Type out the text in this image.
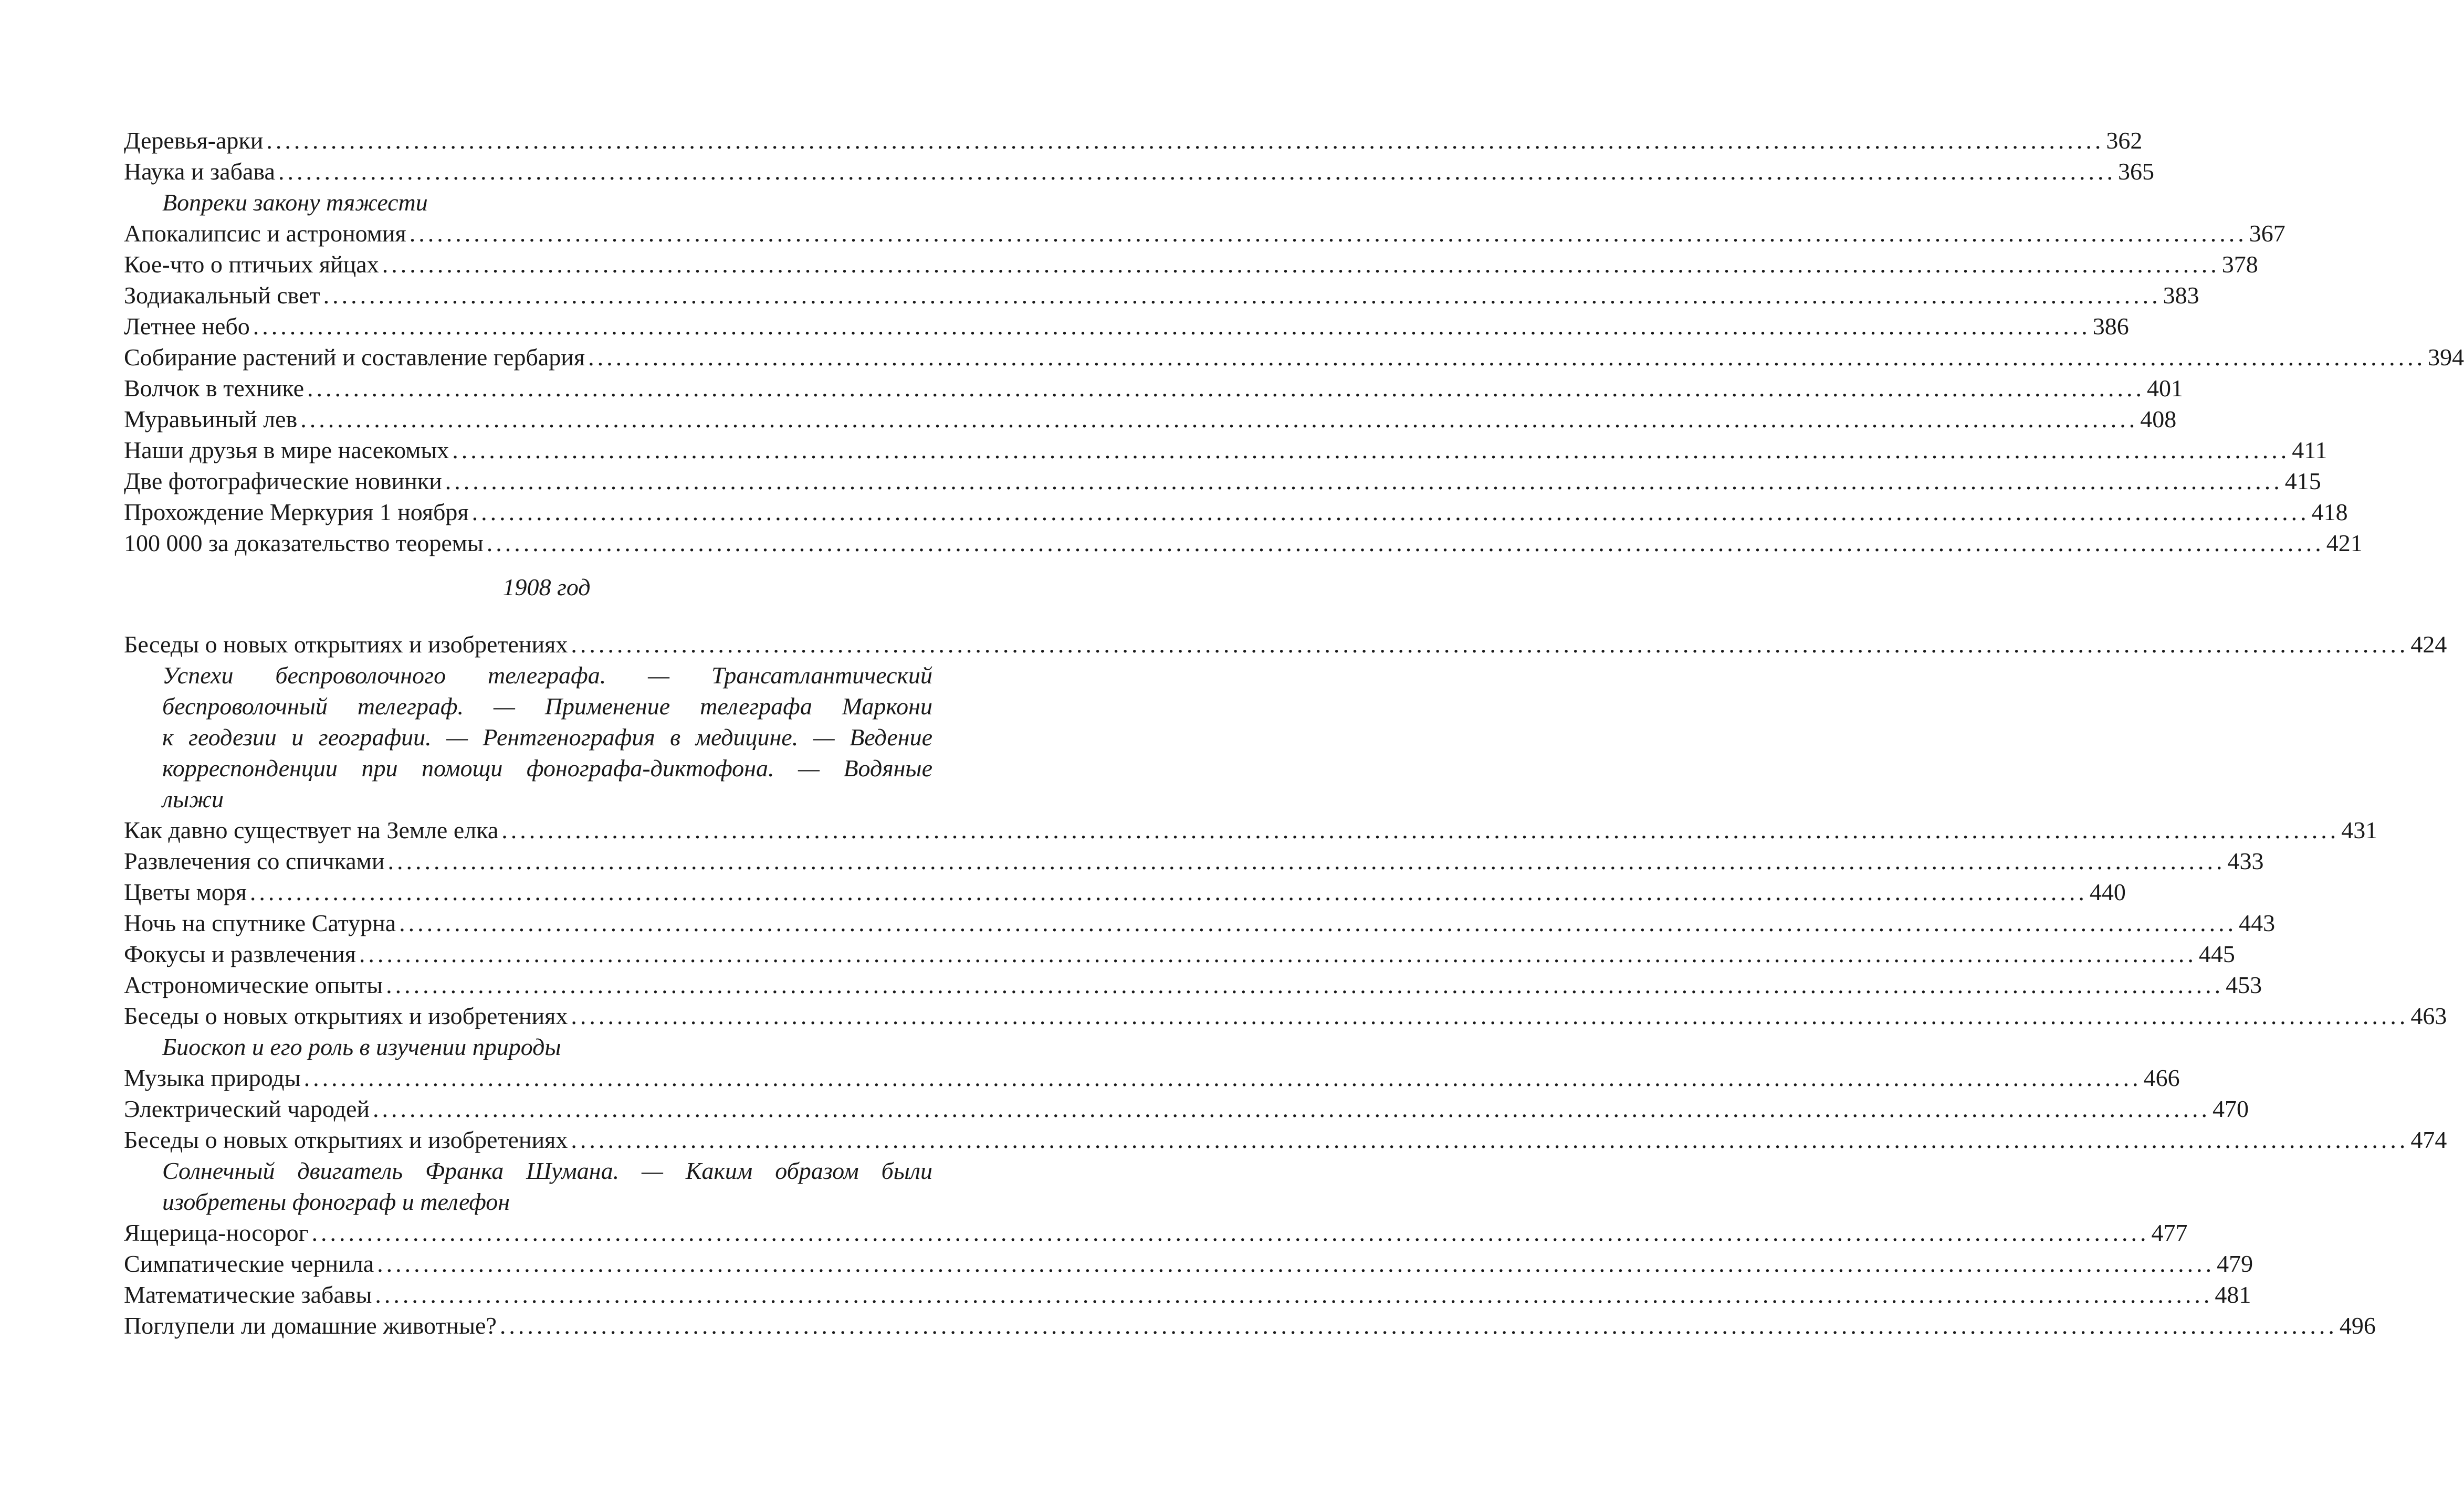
Деревья-арки ........................................................................................................................................................................................................ 362
Наука и забава ........................................................................................................................................................................................................ 365
Вопреки закону тяжести
Апокалипсис и астрономия ........................................................................................................................................................................................................ 367
Кое-что о птичьих яйцах ........................................................................................................................................................................................................ 378
Зодиакальный свет ........................................................................................................................................................................................................ 383
Летнее небо ........................................................................................................................................................................................................ 386
Собирание растений и составление гербария ........................................................................................................................................................................................................ 394
Волчок в технике ........................................................................................................................................................................................................ 401
Муравьиный лев ........................................................................................................................................................................................................ 408
Наши друзья в мире насекомых ........................................................................................................................................................................................................ 411
Две фотографические новинки ........................................................................................................................................................................................................ 415
Прохождение Меркурия 1 ноября ........................................................................................................................................................................................................ 418
100 000 за доказательство теоремы ........................................................................................................................................................................................................ 421
1908 год
Беседы о новых открытиях и изобретениях ........................................................................................................................................................................................................ 424
Успехи беспроволочного телеграфа. — Трансатлантический
беспроволочный телеграф. — Применение телеграфа Маркони
к геодезии и географии. — Рентгенография в медицине. — Ведение
корреспонденции при помощи фонографа-диктофона. — Водяные
лыжи
Как давно существует на Земле елка ........................................................................................................................................................................................................ 431
Развлечения со спичками ........................................................................................................................................................................................................ 433
Цветы моря ........................................................................................................................................................................................................ 440
Ночь на спутнике Сатурна ........................................................................................................................................................................................................ 443
Фокусы и развлечения ........................................................................................................................................................................................................ 445
Астрономические опыты ........................................................................................................................................................................................................ 453
Беседы о новых открытиях и изобретениях ........................................................................................................................................................................................................ 463
Биоскоп и его роль в изучении природы
Музыка природы ........................................................................................................................................................................................................ 466
Электрический чародей ........................................................................................................................................................................................................ 470
Беседы о новых открытиях и изобретениях ........................................................................................................................................................................................................ 474
Солнечный двигатель Франка Шумана. — Каким образом были
изобретены фонограф и телефон
Ящерица-носорог ........................................................................................................................................................................................................ 477
Симпатические чернила ........................................................................................................................................................................................................ 479
Математические забавы ........................................................................................................................................................................................................ 481
Поглупели ли домашние животные? ........................................................................................................................................................................................................ 496
